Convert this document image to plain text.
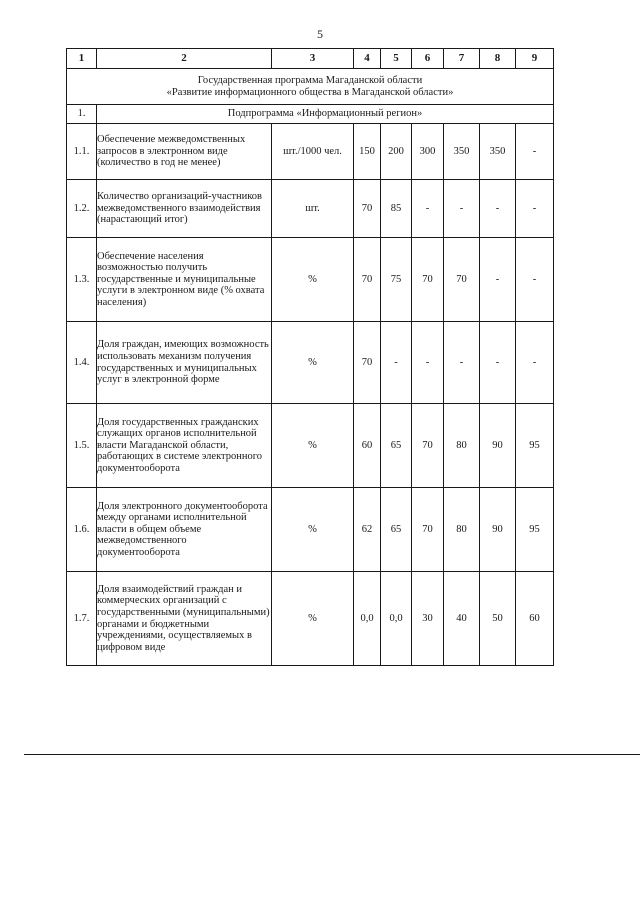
5
1	2	3	4	5	6	7	8	9

Государственная программа Магаданской области
«Развитие информационного общества в Магаданской области»								

1.	Подпрограмма «Информационный регион»							
1.1.	Обеспечение межведомственных запросов в электронном виде (количество в год не менее)	шт./1000 чел.	150	200	300	350	350	-
1.2.	Количество организаций-участников межведомственного взаимодействия (нарастающий итог)	шт.	70	85	-	-	-	-
1.3.	Обеспечение населения возможностью получить государственные и муниципальные услуги в электронном виде (% охвата населения)	%	70	75	70	70	-	-
1.4.	Доля граждан, имеющих возможность использовать механизм получения государственных и муниципальных услуг в электронной форме	%	70	-	-	-	-	-
1.5.	Доля государственных гражданских служащих органов исполнительной власти Магаданской области, работающих в системе электронного документооборота	%	60	65	70	80	90	95
1.6.	Доля электронного документооборота между органами исполнительной власти в общем объеме межведомственного документооборота	%	62	65	70	80	90	95
1.7.	Доля взаимодействий граждан и коммерческих организаций с государственными (муниципальными) органами и бюджетными учреждениями, осуществляемых в цифровом виде	%	0,0	0,0	30	40	50	60
